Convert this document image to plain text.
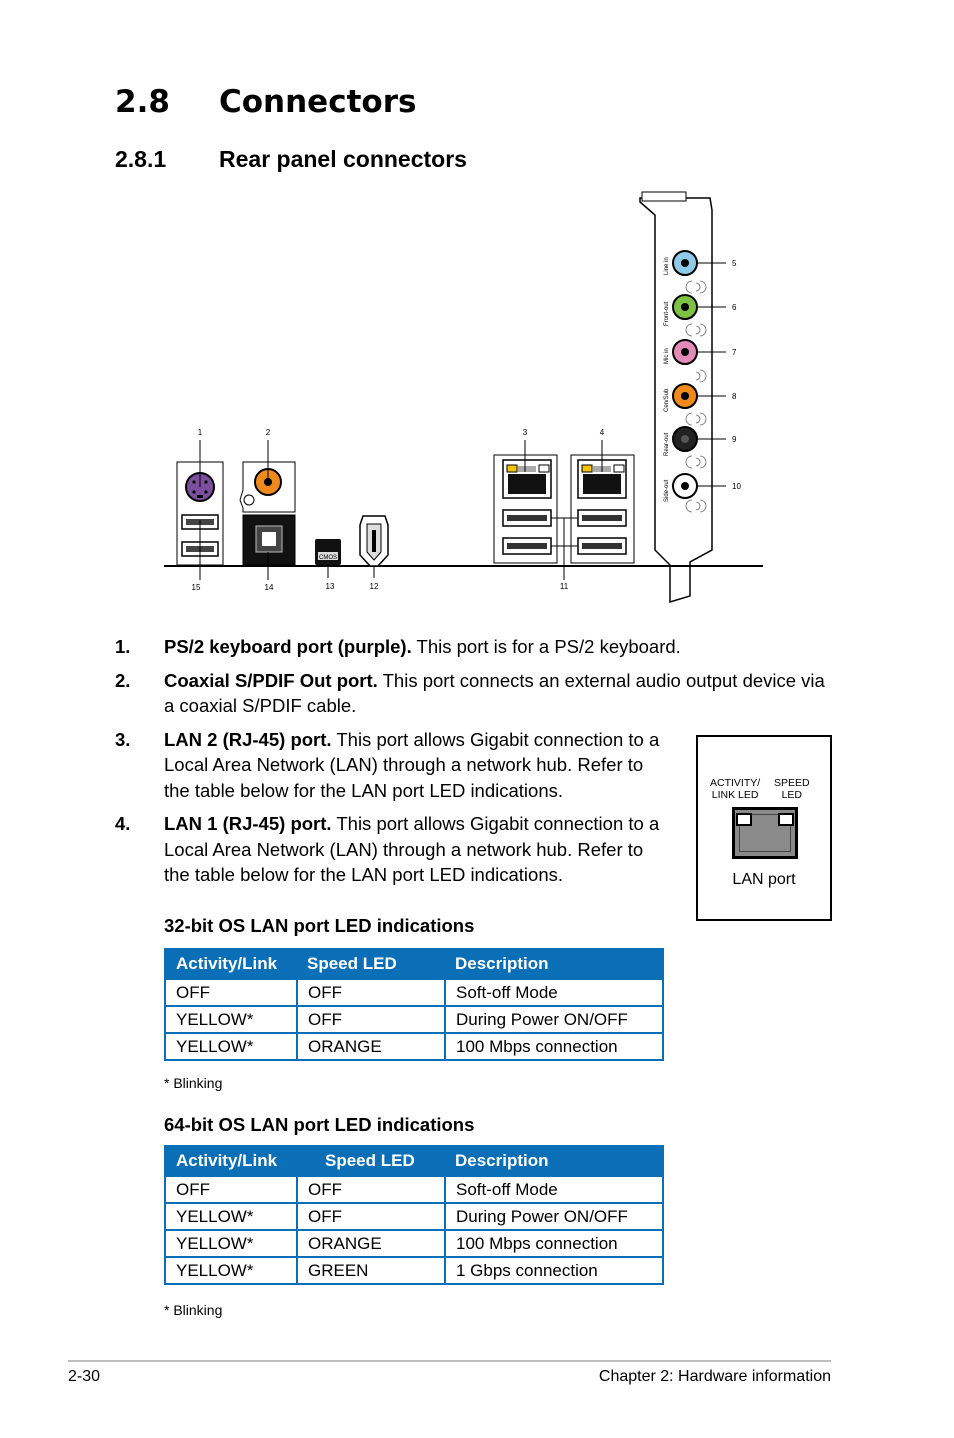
2.8 Connectors
2.8.1 Rear panel connectors
CMOS
Line in
Front-out
Mic in
Cen/Sub
Rear-out
Side-out
1	2	3	4
5
6
7
8
9
10
11
12
13
14
15
1. PS/2 keyboard port (purple). This port is for a PS/2 keyboard.
2. Coaxial S/PDIF Out port. This port connects an external audio output device via a coaxial S/PDIF cable.
3. LAN 2 (RJ-45) port. This port allows Gigabit connection to a Local Area Network (LAN) through a network hub. Refer to the table below for the LAN port LED indications.
4. LAN 1 (RJ-45) port. This port allows Gigabit connection to a Local Area Network (LAN) through a network hub. Refer to the table below for the LAN port LED indications.
ACTIVITY/
LINK LED
SPEED
LED
LAN port
32-bit OS LAN port LED indications
Activity/Link	Speed LED	Description
OFF	OFF	Soft-off Mode
YELLOW*	OFF	During Power ON/OFF
YELLOW*	ORANGE	100 Mbps connection
* Blinking
64-bit OS LAN port LED indications
Activity/Link	Speed LED	Description
OFF	OFF	Soft-off Mode
YELLOW*	OFF	During Power ON/OFF
YELLOW*	ORANGE	100 Mbps connection
YELLOW*	GREEN	1 Gbps connection
* Blinking
2-30	Chapter 2: Hardware information
